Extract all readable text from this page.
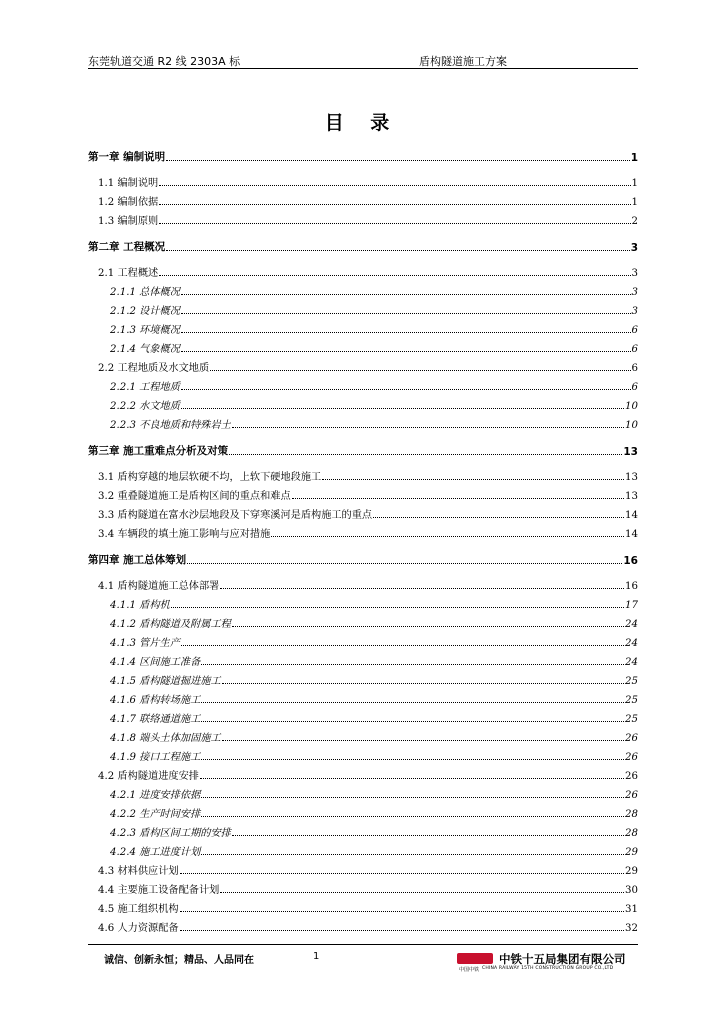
东莞轨道交通 R2 线 2303A 标	盾构隧道施工方案
目 录
第一章 编制说明	1
1.1 编制说明	1
1.2 编制依据	1
1.3 编制原则	2
第二章 工程概况	3
2.1 工程概述	3
2.1.1 总体概况	3
2.1.2 设计概况	3
2.1.3 环境概况	6
2.1.4 气象概况	6
2.2 工程地质及水文地质	6
2.2.1 工程地质	6
2.2.2 水文地质	10
2.2.3 不良地质和特殊岩土	10
第三章 施工重难点分析及对策	13
3.1 盾构穿越的地层软硬不均，上软下硬地段施工	13
3.2 重叠隧道施工是盾构区间的重点和难点	13
3.3 盾构隧道在富水沙层地段及下穿寒溪河是盾构施工的重点	14
3.4 车辆段的填土施工影响与应对措施	14
第四章 施工总体筹划	16
4.1 盾构隧道施工总体部署	16
4.1.1 盾构机	17
4.1.2 盾构隧道及附属工程	24
4.1.3 管片生产	24
4.1.4 区间施工准备	24
4.1.5 盾构隧道掘进施工	25
4.1.6 盾构转场施工	25
4.1.7 联络通道施工	25
4.1.8 端头土体加固施工	26
4.1.9 接口工程施工	26
4.2 盾构隧道进度安排	26
4.2.1 进度安排依据	26
4.2.2 生产时间安排	28
4.2.3 盾构区间工期的安排	28
4.2.4 施工进度计划	29
4.3 材料供应计划	29
4.4 主要施工设备配备计划	30
4.5 施工组织机构	31
4.6 人力资源配备	32
诚信、创新永恒；精品、人品同在	1
中国中铁
中铁十五局集团有限公司
CHINA RAILWAY 15TH CONSTRUCTION GROUP CO.,LTD
